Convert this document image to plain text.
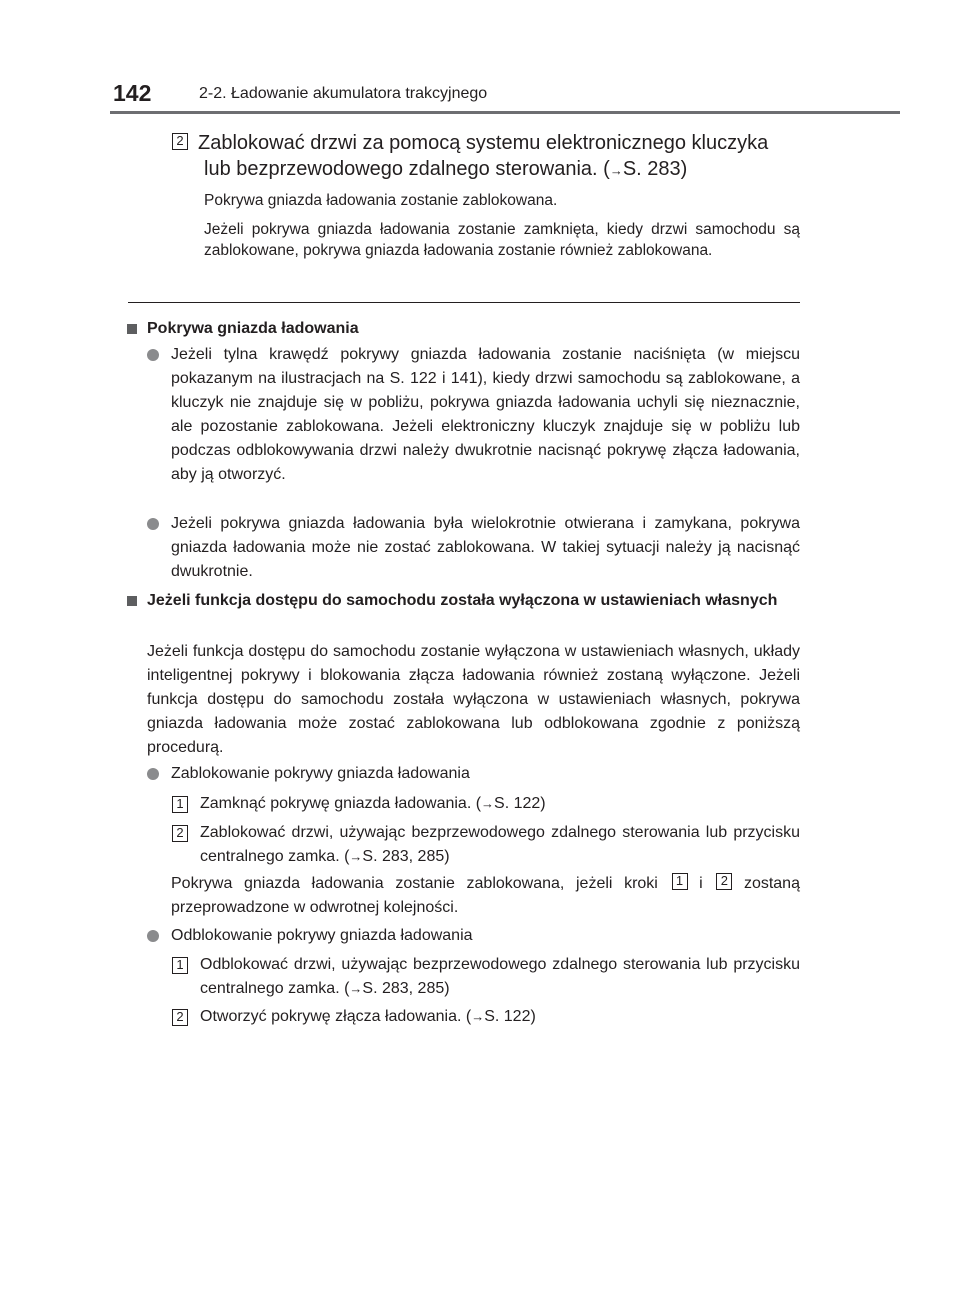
142	2-2. Ładowanie akumulatora trakcyjnego
2 Zablokować drzwi za pomocą systemu elektronicznego kluczyka
lub bezprzewodowego zdalnego sterowania. (→S. 283)
Pokrywa gniazda ładowania zostanie zablokowana.
Jeżeli pokrywa gniazda ładowania zostanie zamknięta, kiedy drzwi samochodu są zablokowane, pokrywa gniazda ładowania zostanie również zablokowana.
Pokrywa gniazda ładowania
Jeżeli tylna krawędź pokrywy gniazda ładowania zostanie naciśnięta (w miejscu pokazanym na ilustracjach na S. 122 i 141), kiedy drzwi samochodu są zablokowane, a kluczyk nie znajduje się w pobliżu, pokrywa gniazda ładowania uchyli się nieznacznie, ale pozostanie zablokowana. Jeżeli elektroniczny kluczyk znajduje się w pobliżu lub podczas odblokowywania drzwi należy dwukrotnie nacisnąć pokrywę złącza ładowania, aby ją otworzyć.
Jeżeli pokrywa gniazda ładowania była wielokrotnie otwierana i zamykana, pokrywa gniazda ładowania może nie zostać zablokowana. W takiej sytuacji należy ją nacisnąć dwukrotnie.
Jeżeli funkcja dostępu do samochodu została wyłączona w ustawieniach własnych
Jeżeli funkcja dostępu do samochodu zostanie wyłączona w ustawieniach własnych, układy inteligentnej pokrywy i blokowania złącza ładowania również zostaną wyłączone. Jeżeli funkcja dostępu do samochodu została wyłączona w ustawieniach własnych, pokrywa gniazda ładowania może zostać zablokowana lub odblokowana zgodnie z poniższą procedurą.
Zablokowanie pokrywy gniazda ładowania
1 Zamknąć pokrywę gniazda ładowania. (→S. 122)
2 Zablokować drzwi, używając bezprzewodowego zdalnego sterowania lub przycisku centralnego zamka. (→S. 283, 285)
Pokrywa gniazda ładowania zostanie zablokowana, jeżeli kroki 1 i 2 zostaną przeprowadzone w odwrotnej kolejności.
Odblokowanie pokrywy gniazda ładowania
1 Odblokować drzwi, używając bezprzewodowego zdalnego sterowania lub przycisku centralnego zamka. (→S. 283, 285)
2 Otworzyć pokrywę złącza ładowania. (→S. 122)
